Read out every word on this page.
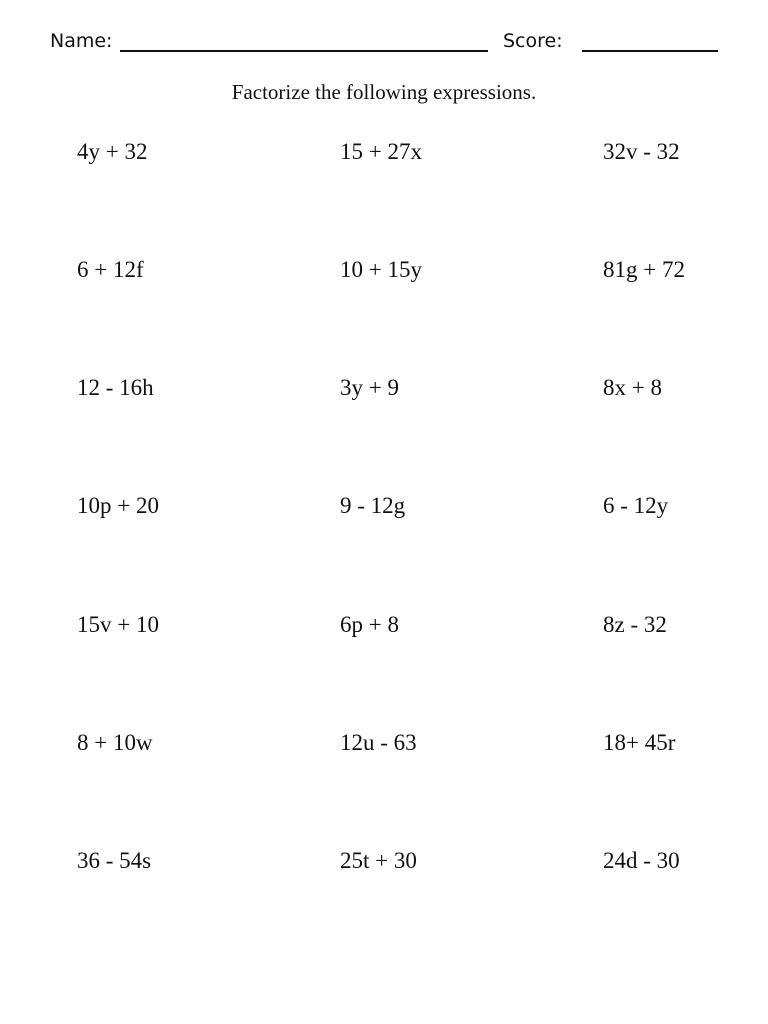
Name:	Score:
Factorize the following expressions.
4y + 32	15 + 27x	32v - 32
6 + 12f	10 + 15y	81g + 72
12 - 16h	3y + 9	8x + 8
10p + 20	9 - 12g	6 - 12y
15v + 10	6p + 8	8z - 32
8 + 10w	12u - 63	18+ 45r
36 - 54s	25t + 30	24d - 30
